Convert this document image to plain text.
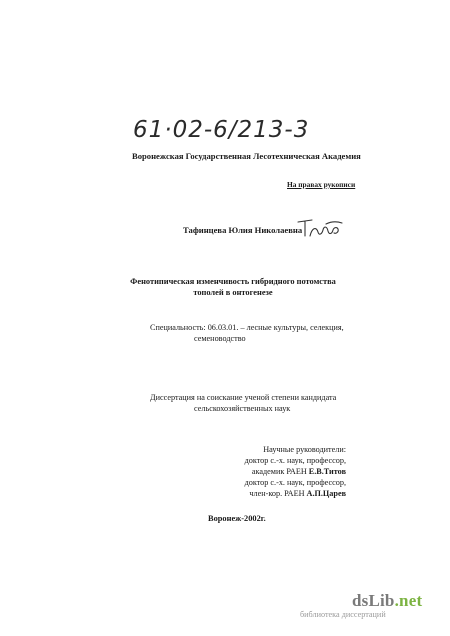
61·02-6/213-3
Воронежская Государственная Лесотехническая Академия
На правах рукописи
Тафинцева Юлия Николаевна
Фенотипическая изменчивость гибридного потомства
тополей в онтогенезе
Специальность: 06.03.01. – лесные культуры, селекция,
семеноводство
Диссертация на соискание ученой степени кандидата
сельскохозяйственных наук
Научные руководители:
доктор с.-х. наук, профессор,
академик РАЕН Е.В.Титов
доктор с.-х. наук, профессор,
член-кор. РАЕН А.П.Царев
Воронеж-2002г.
dsLib.net
библиотека диссертаций
